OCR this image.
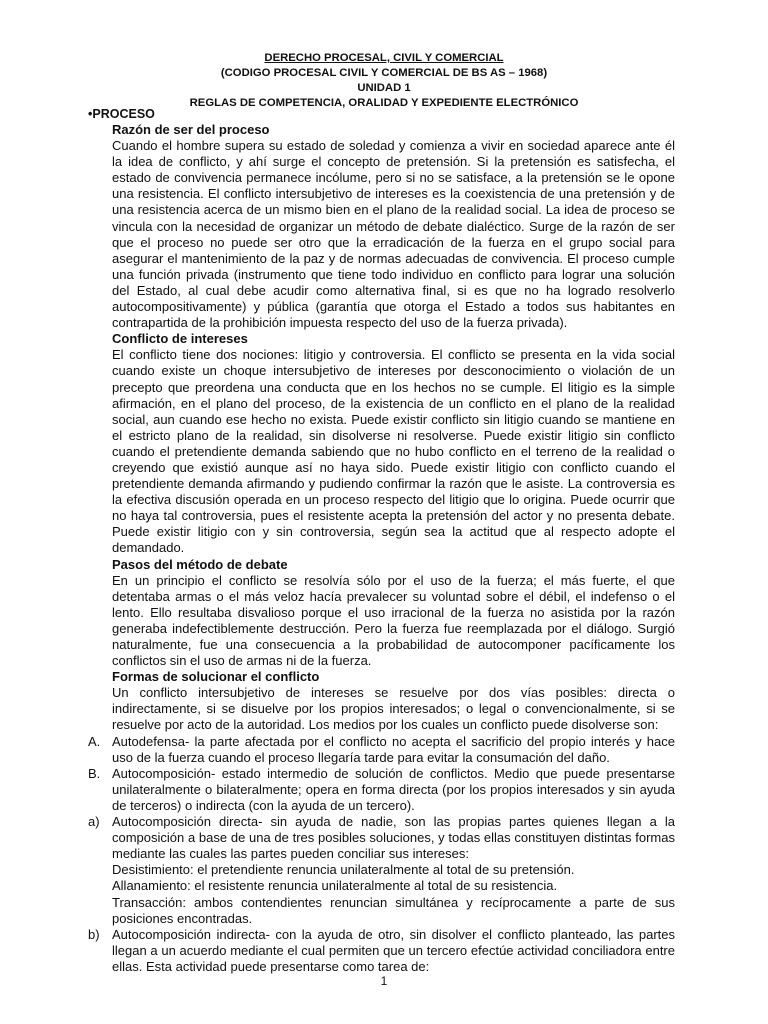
DERECHO PROCESAL, CIVIL Y COMERCIAL
(CODIGO PROCESAL CIVIL Y COMERCIAL DE BS AS – 1968)
UNIDAD 1
REGLAS DE COMPETENCIA, ORALIDAD Y EXPEDIENTE ELECTRÓNICO
•PROCESO

Razón de ser del proceso

Cuando el hombre supera su estado de soledad y comienza a vivir en sociedad aparece ante él la idea de conflicto, y ahí surge el concepto de pretensión. Si la pretensión es satisfecha, el estado de convivencia permanece incólume, pero si no se satisface, a la pretensión se le opone una resistencia. El conflicto intersubjetivo de intereses es la coexistencia de una pretensión y de una resistencia acerca de un mismo bien en el plano de la realidad social. La idea de proceso se vincula con la necesidad de organizar un método de debate dialéctico. Surge de la razón de ser que el proceso no puede ser otro que la erradicación de la fuerza en el grupo social para asegurar el mantenimiento de la paz y de normas adecuadas de convivencia. El proceso cumple una función privada (instrumento que tiene todo individuo en conflicto para lograr una solución del Estado, al cual debe acudir como alternativa final, si es que no ha logrado resolverlo autocompositivamente) y pública (garantía que otorga el Estado a todos sus habitantes en contrapartida de la prohibición impuesta respecto del uso de la fuerza privada).

Conflicto de intereses

El conflicto tiene dos nociones: litigio y controversia. El conflicto se presenta en la vida social cuando existe un choque intersubjetivo de intereses por desconocimiento o violación de un precepto que preordena una conducta que en los hechos no se cumple. El litigio es la simple afirmación, en el plano del proceso, de la existencia de un conflicto en el plano de la realidad social, aun cuando ese hecho no exista. Puede existir conflicto sin litigio cuando se mantiene en el estricto plano de la realidad, sin disolverse ni resolverse. Puede existir litigio sin conflicto cuando el pretendiente demanda sabiendo que no hubo conflicto en el terreno de la realidad o creyendo que existió aunque así no haya sido. Puede existir litigio con conflicto cuando el pretendiente demanda afirmando y pudiendo confirmar la razón que le asiste. La controversia es la efectiva discusión operada en un proceso respecto del litigio que lo origina. Puede ocurrir que no haya tal controversia, pues el resistente acepta la pretensión del actor y no presenta debate. Puede existir litigio con y sin controversia, según sea la actitud que al respecto adopte el demandado.

Pasos del método de debate

En un principio el conflicto se resolvía sólo por el uso de la fuerza; el más fuerte, el que detentaba armas o el más veloz hacía prevalecer su voluntad sobre el débil, el indefenso o el lento. Ello resultaba disvalioso porque el uso irracional de la fuerza no asistida por la razón generaba indefectiblemente destrucción. Pero la fuerza fue reemplazada por el diálogo. Surgió naturalmente, fue una consecuencia a la probabilidad de autocomponer pacíficamente los conflictos sin el uso de armas ni de la fuerza.

Formas de solucionar el conflicto

Un conflicto intersubjetivo de intereses se resuelve por dos vías posibles: directa o indirectamente, si se disuelve por los propios interesados; o legal o convencionalmente, si se resuelve por acto de la autoridad. Los medios por los cuales un conflicto puede disolverse son:

A. Autodefensa- la parte afectada por el conflicto no acepta el sacrificio del propio interés y hace uso de la fuerza cuando el proceso llegaría tarde para evitar la consumación del daño.

B. Autocomposición- estado intermedio de solución de conflictos. Medio que puede presentarse unilateralmente o bilateralmente; opera en forma directa (por los propios interesados y sin ayuda de terceros) o indirecta (con la ayuda de un tercero).

a) Autocomposición directa- sin ayuda de nadie, son las propias partes quienes llegan a la composición a base de una de tres posibles soluciones, y todas ellas constituyen distintas formas mediante las cuales las partes pueden conciliar sus intereses:

Desistimiento: el pretendiente renuncia unilateralmente al total de su pretensión.

Allanamiento: el resistente renuncia unilateralmente al total de su resistencia.

Transacción: ambos contendientes renuncian simultánea y recíprocamente a parte de sus posiciones encontradas.

b) Autocomposición indirecta- con la ayuda de otro, sin disolver el conflicto planteado, las partes llegan a un acuerdo mediante el cual permiten que un tercero efectúe actividad conciliadora entre ellas. Esta actividad puede presentarse como tarea de:

1
